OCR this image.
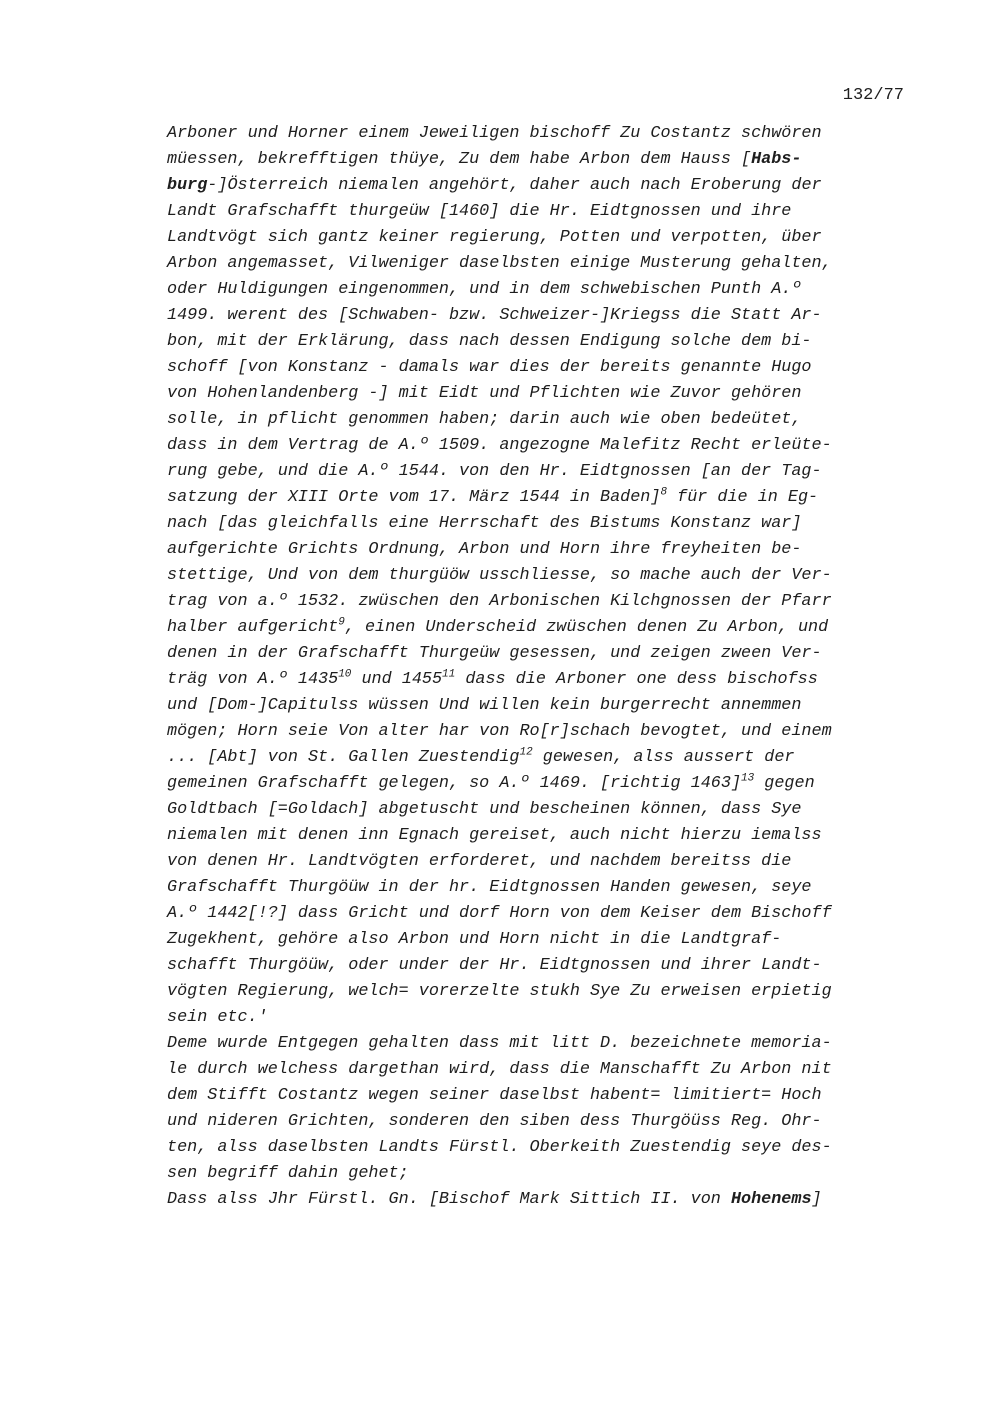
132/77
Arboner und Horner einem Jeweiligen bischoff Zu Costantz schwören
müessen, bekrefftigen thüye, Zu dem habe Arbon dem Hauss [Habs-
burg-]Österreich niemalen angehört, daher auch nach Eroberung der
Landt Grafschafft thurgeüw [1460] die Hr. Eidtgnossen und ihre
Landtvögt sich gantz keiner regierung, Potten und verpotten, über
Arbon angemasset, Vilweniger daselbsten einige Musterung gehalten,
oder Huldigungen eingenommen, und in dem schwebischen Punth A.º
1499. werent des [Schwaben- bzw. Schweizer-]Kriegss die Statt Ar-
bon, mit der Erklärung, dass nach dessen Endigung solche dem bi-
schoff [von Konstanz - damals war dies der bereits genannte Hugo
von Hohenlandenberg -] mit Eidt und Pflichten wie Zuvor gehören
solle, in pflicht genommen haben; darin auch wie oben bedeütet,
dass in dem Vertrag de A.º 1509. angezogne Malefitz Recht erleüte-
rung gebe, und die A.º 1544. von den Hr. Eidtgnossen [an der Tag-
satzung der XIII Orte vom 17. März 1544 in Baden]$^8$ für die in Eg-
nach [das gleichfalls eine Herrschaft des Bistums Konstanz war]
aufgerichte Grichts Ordnung, Arbon und Horn ihre freyheiten be-
stettige, Und von dem thurgüöw usschliesse, so mache auch der Ver-
trag von a.º 1532. zwüschen den Arbonischen Kilchgnossen der Pfarr
halber aufgericht$^9$, einen Underscheid zwüschen denen Zu Arbon, und
denen in der Grafschafft Thurgeüw gesessen, und zeigen zween Ver-
träg von A.º 1435$^{10}$ und 1455$^{11}$ dass die Arboner one dess bischofss
und [Dom-]Capitulss wüssen Und willen kein burgerrecht annemmen
mögen; Horn seie Von alter har von Ro[r]schach bevogtet, und einem
... [Abt] von St. Gallen Zuestendig$^{12}$ gewesen, alss aussert der
gemeinen Grafschafft gelegen, so A.º 1469. [richtig 1463]$^{13}$ gegen
Goldtbach [=Goldach] abgetuscht und bescheinen können, dass Sye
niemalen mit denen inn Egnach gereiset, auch nicht hierzu iemalss
von denen Hr. Landtvögten erforderet, und nachdem bereitss die
Grafschafft Thurgöüw in der hr. Eidtgnossen Handen gewesen, seye
A.º 1442[!?] dass Gricht und dorf Horn von dem Keiser dem Bischoff
Zugekhent, gehöre also Arbon und Horn nicht in die Landtgraf-
schafft Thurgöüw, oder under der Hr. Eidtgnossen und ihrer Landt-
vögten Regierung, welch= vorerzelte stukh Sye Zu erweisen erpietig
sein etc.'
Deme wurde Entgegen gehalten dass mit litt D. bezeichnete memoria-
le durch welchess dargethan wird, dass die Manschafft Zu Arbon nit
dem Stifft Costantz wegen seiner daselbst habent= limitiert= Hoch
und nideren Grichten, sonderen den siben dess Thurgöüss Reg. Ohr-
ten, alss daselbsten Landts Fürstl. Oberkeith Zuestendig seye des-
sen begriff dahin gehet;
Dass alss Jhr Fürstl. Gn. [Bischof Mark Sittich II. von Hohenems]
